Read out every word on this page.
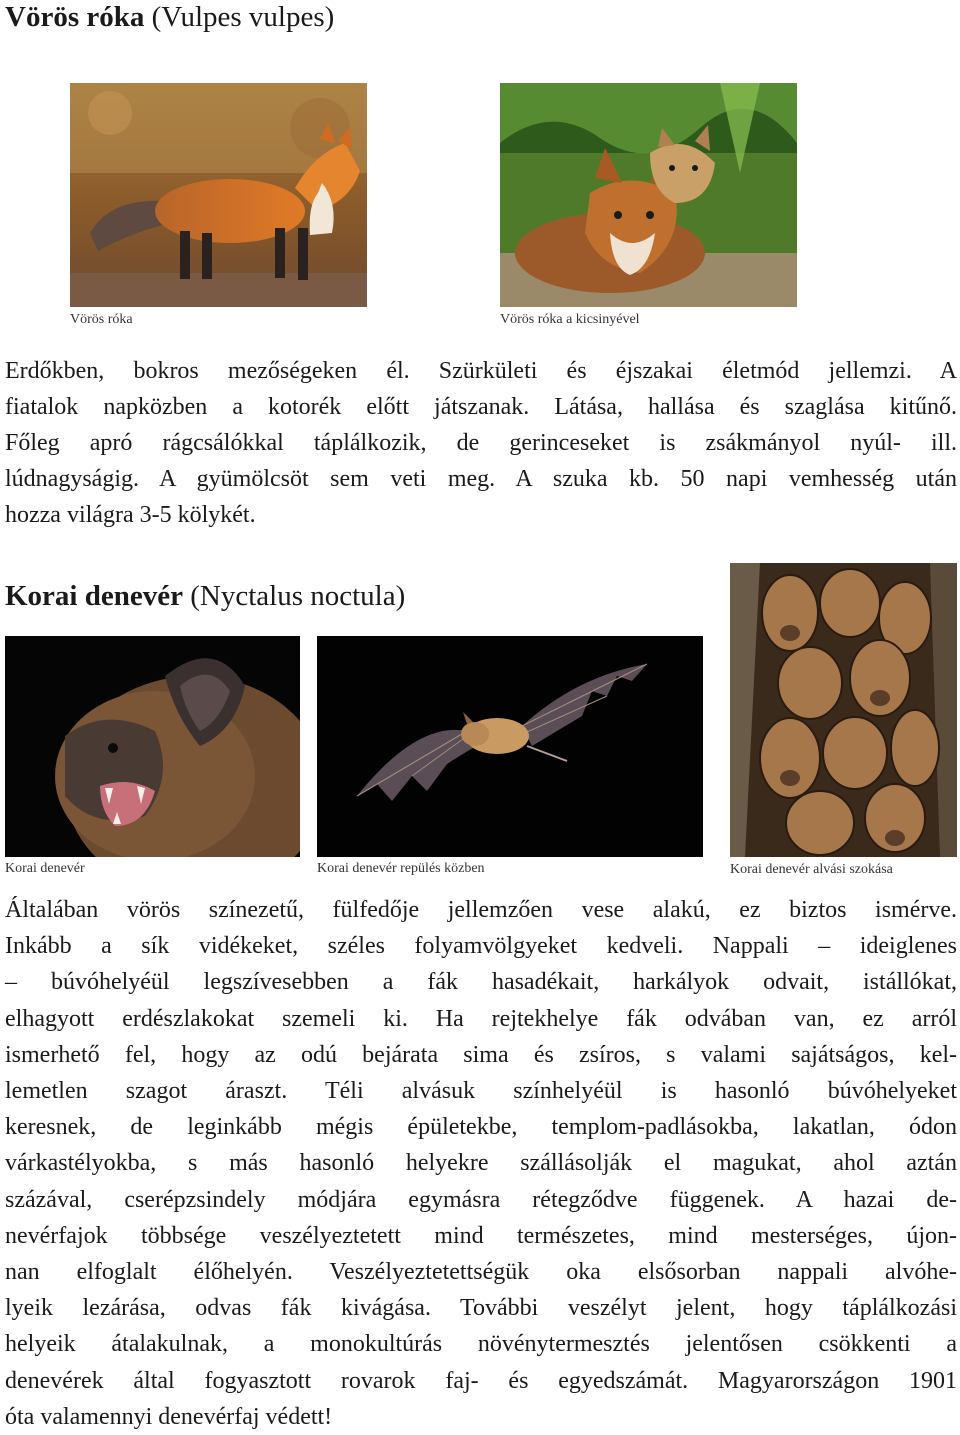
Vörös róka (Vulpes vulpes)
Vörös róka	Vörös róka a kicsinyével
Erdőkben, bokros mezőségeken él. Szürkületi és éjszakai életmód jellemzi. A
fiatalok napközben a kotorék előtt játszanak. Látása, hallása és szaglása kitűnő.
Főleg apró rágcsálókkal táplálkozik, de gerinceseket is zsákmányol nyúl- ill.
lúdnagyságig. A gyümölcsöt sem veti meg. A szuka kb. 50 napi vemhesség után
hozza világra 3-5 kölykét.
Korai denevér (Nyctalus noctula)
Korai denevér	Korai denevér repülés közben	Korai denevér alvási szokása
Általában vörös színezetű, fülfedője jellemzően vese alakú, ez biztos ismérve.
Inkább a sík vidékeket, széles folyamvölgyeket kedveli. Nappali – ideiglenes
– búvóhelyéül legszívesebben a fák hasadékait, harkályok odvait, istállókat,
elhagyott erdészlakokat szemeli ki. Ha rejtekhelye fák odvában van, ez arról
ismerhető fel, hogy az odú bejárata sima és zsíros, s valami sajátságos, kel-
lemetlen szagot áraszt. Téli alvásuk színhelyéül is hasonló búvóhelyeket
keresnek, de leginkább mégis épületekbe, templom-padlásokba, lakatlan, ódon
várkastélyokba, s más hasonló helyekre szállásolják el magukat, ahol aztán
százával, cserépzsindely módjára egymásra rétegződve függenek. A hazai de-
nevérfajok többsége veszélyeztetett mind természetes, mind mesterséges, újon-
nan elfoglalt élőhelyén. Veszélyeztetettségük oka elsősorban nappali alvóhe-
lyeik lezárása, odvas fák kivágása. További veszélyt jelent, hogy táplálkozási
helyeik átalakulnak, a monokultúrás növénytermesztés jelentősen csökkenti a
denevérek által fogyasztott rovarok faj- és egyedszámát. Magyarországon 1901
óta valamennyi denevérfaj védett!
